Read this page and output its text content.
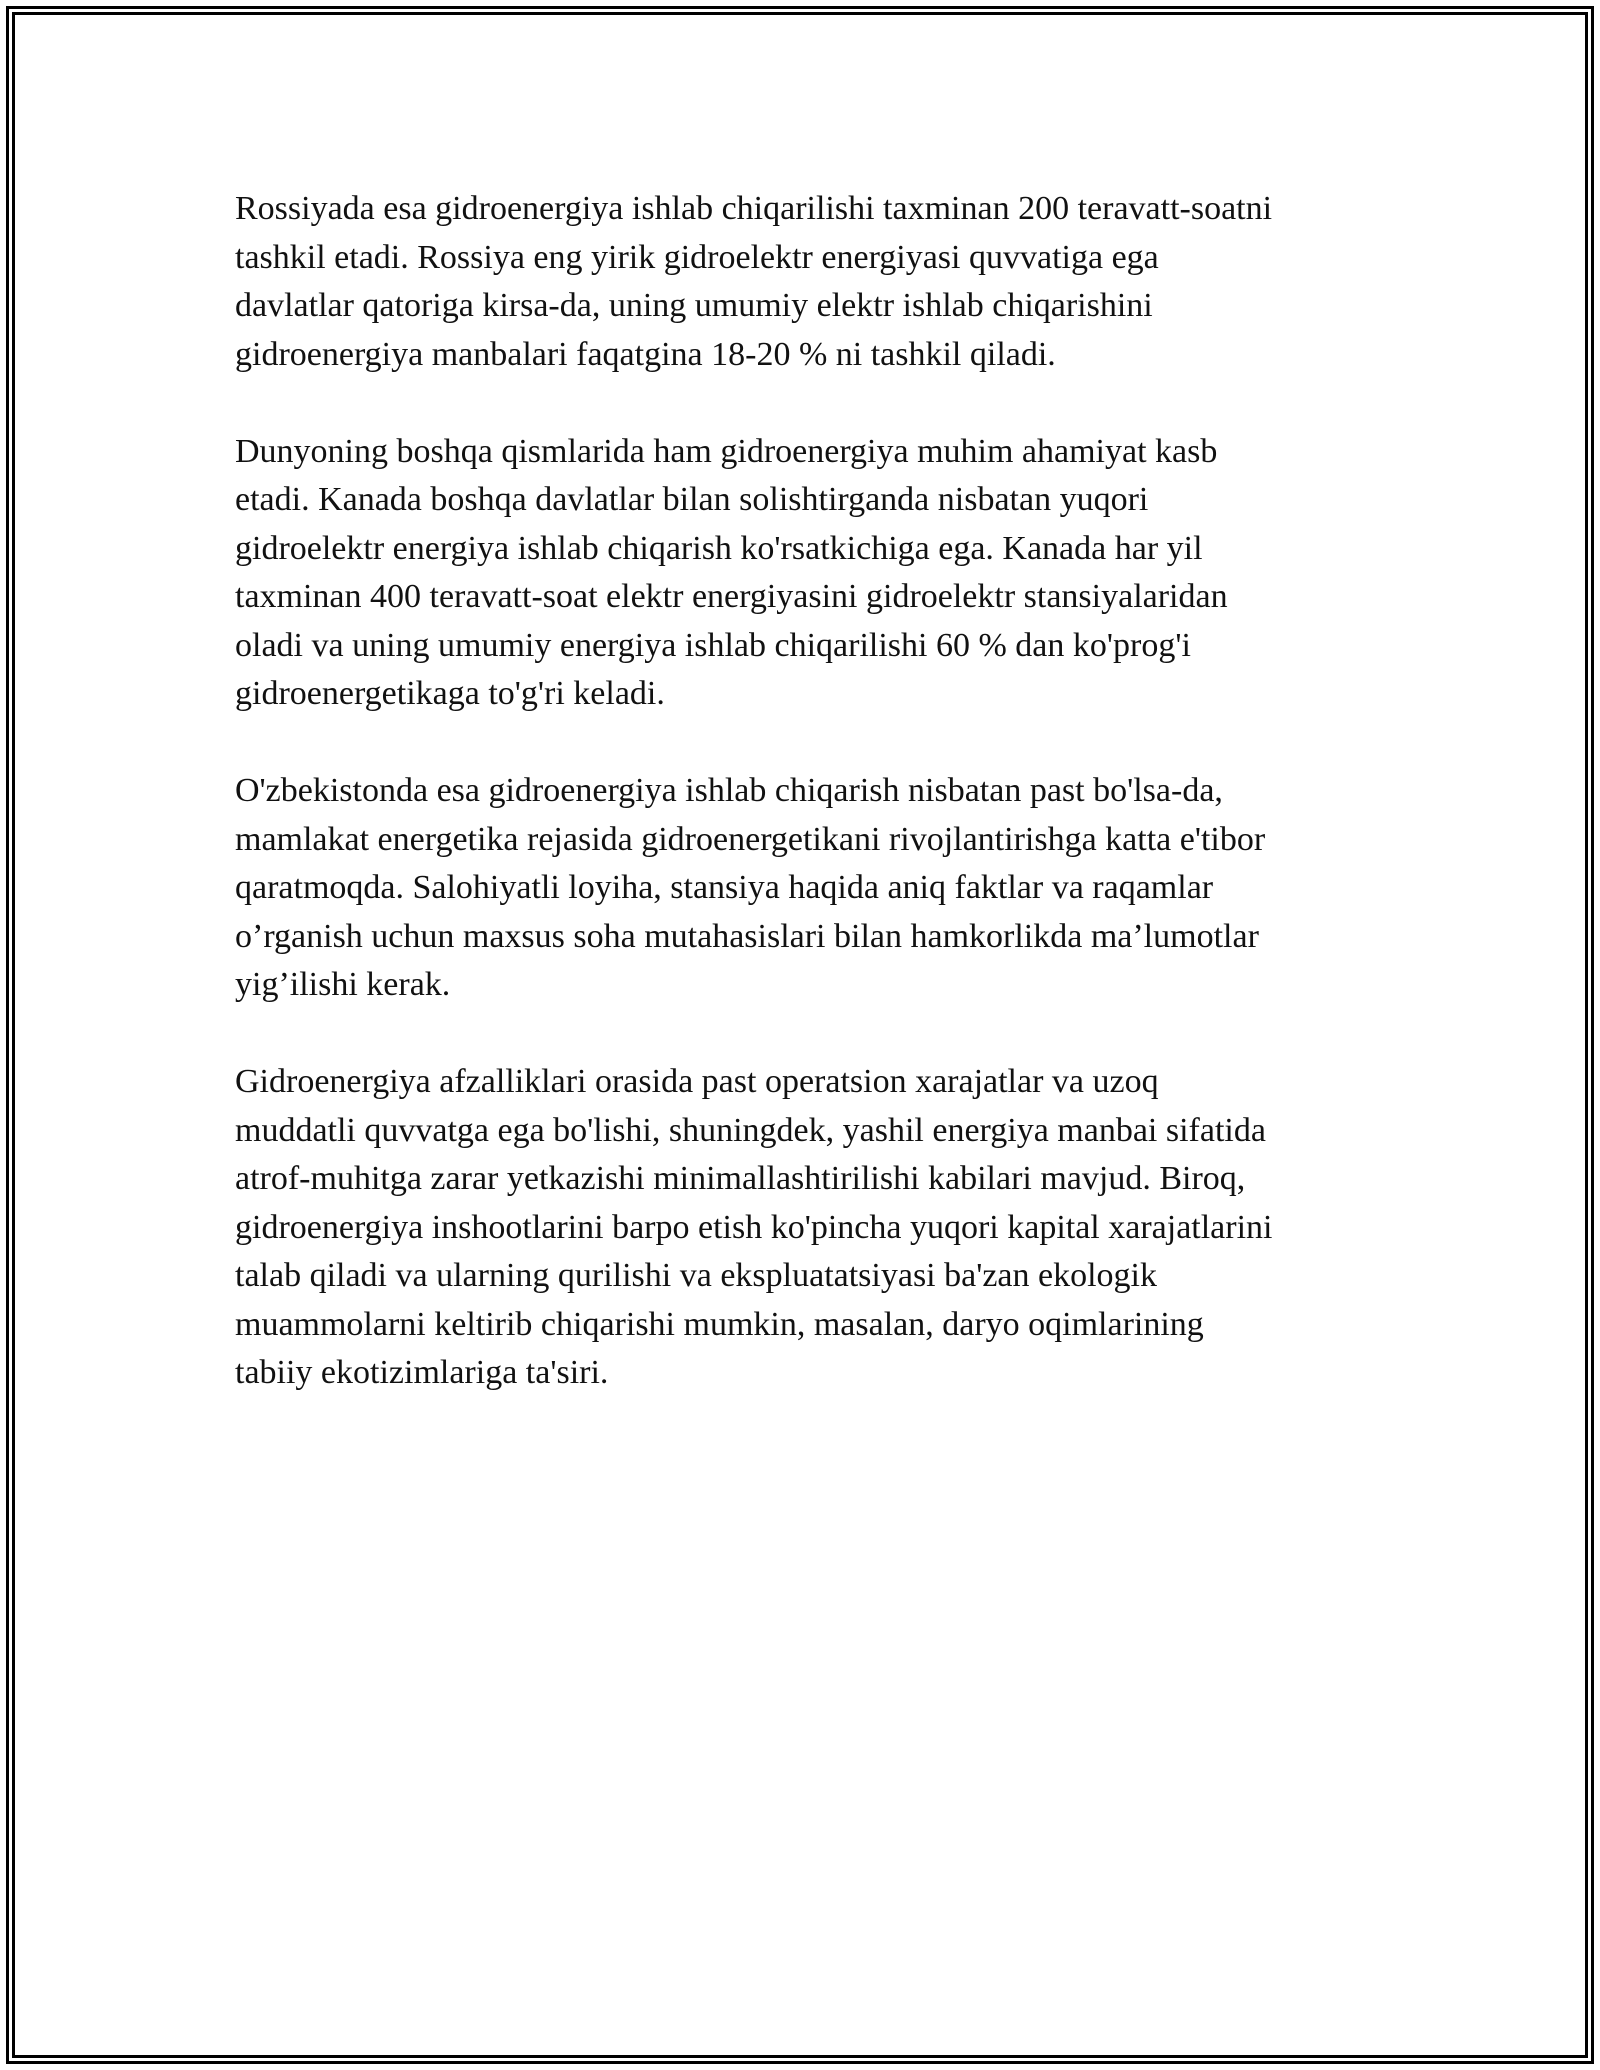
Rossiyada esa gidroenergiya ishlab chiqarilishi taxminan 200 teravatt-soatni
tashkil etadi. Rossiya eng yirik gidroelektr energiyasi quvvatiga ega
davlatlar qatoriga kirsa-da, uning umumiy elektr ishlab chiqarishini
gidroenergiya manbalari faqatgina 18-20 % ni tashkil qiladi.

Dunyoning boshqa qismlarida ham gidroenergiya muhim ahamiyat kasb
etadi. Kanada boshqa davlatlar bilan solishtirganda nisbatan yuqori
gidroelektr energiya ishlab chiqarish ko'rsatkichiga ega. Kanada har yil
taxminan 400 teravatt-soat elektr energiyasini gidroelektr stansiyalaridan
oladi va uning umumiy energiya ishlab chiqarilishi 60 % dan ko'prog'i
gidroenergetikaga to'g'ri keladi.

O'zbekistonda esa gidroenergiya ishlab chiqarish nisbatan past bo'lsa-da,
mamlakat energetika rejasida gidroenergetikani rivojlantirishga katta e'tibor
qaratmoqda. Salohiyatli loyiha, stansiya haqida aniq faktlar va raqamlar
o’rganish uchun maxsus soha mutahasislari bilan hamkorlikda ma’lumotlar
yig’ilishi kerak.

Gidroenergiya afzalliklari orasida past operatsion xarajatlar va uzoq
muddatli quvvatga ega bo'lishi, shuningdek, yashil energiya manbai sifatida
atrof-muhitga zarar yetkazishi minimallashtirilishi kabilari mavjud. Biroq,
gidroenergiya inshootlarini barpo etish ko'pincha yuqori kapital xarajatlarini
talab qiladi va ularning qurilishi va ekspluatatsiyasi ba'zan ekologik
muammolarni keltirib chiqarishi mumkin, masalan, daryo oqimlarining
tabiiy ekotizimlariga ta'siri.
